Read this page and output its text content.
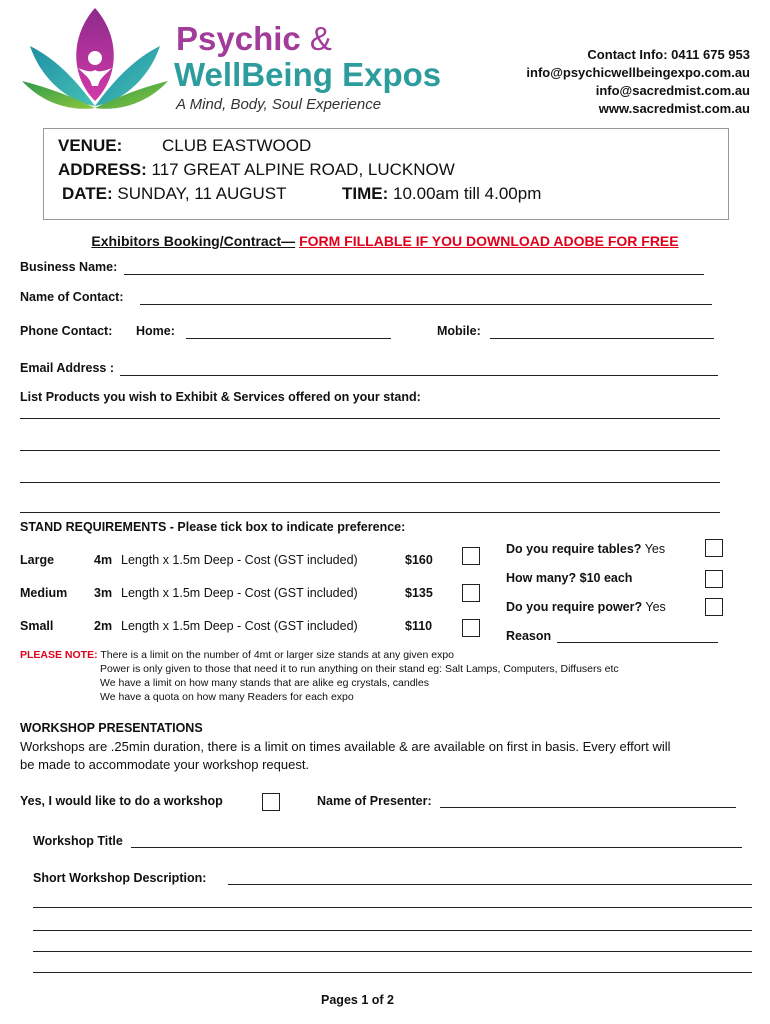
Psychic &
WellBeing Expos
A Mind, Body, Soul Experience
Contact Info: 0411 675 953
info@psychicwellbeingexpo.com.au
info@sacredmist.com.au
www.sacredmist.com.au
VENUE: CLUB EASTWOOD
ADDRESS: 117 GREAT ALPINE ROAD, LUCKNOW
DATE: SUNDAY, 11 AUGUST	TIME: 10.00am till 4.00pm
Exhibitors Booking/Contract— FORM FILLABLE IF YOU DOWNLOAD ADOBE FOR FREE
Business Name:
Name of Contact:
Phone Contact: Home:	Mobile:
Email Address :
List Products you wish to Exhibit & Services offered on your stand:
STAND REQUIREMENTS - Please tick box to indicate preference:
Large	4m Length x 1.5m Deep - Cost (GST included)	$160
Medium 3m Length x 1.5m Deep - Cost (GST included)	$135
Small	2m Length x 1.5m Deep - Cost (GST included)	$110
Do you require tables? Yes
How many? $10 each
Do you require power? Yes
Reason
PLEASE NOTE: There is a limit on the number of 4mt or larger size stands at any given expo
Power is only given to those that need it to run anything on their stand eg: Salt Lamps, Computers, Diffusers etc
We have a limit on how many stands that are alike eg crystals, candles
We have a quota on how many Readers for each expo
WORKSHOP PRESENTATIONS
Workshops are .25min duration, there is a limit on times available & are available on first in basis. Every effort will
be made to accommodate your workshop request.
Yes, I would like to do a workshop	Name of Presenter:
Workshop Title
Short Workshop Description:
Pages 1 of 2
